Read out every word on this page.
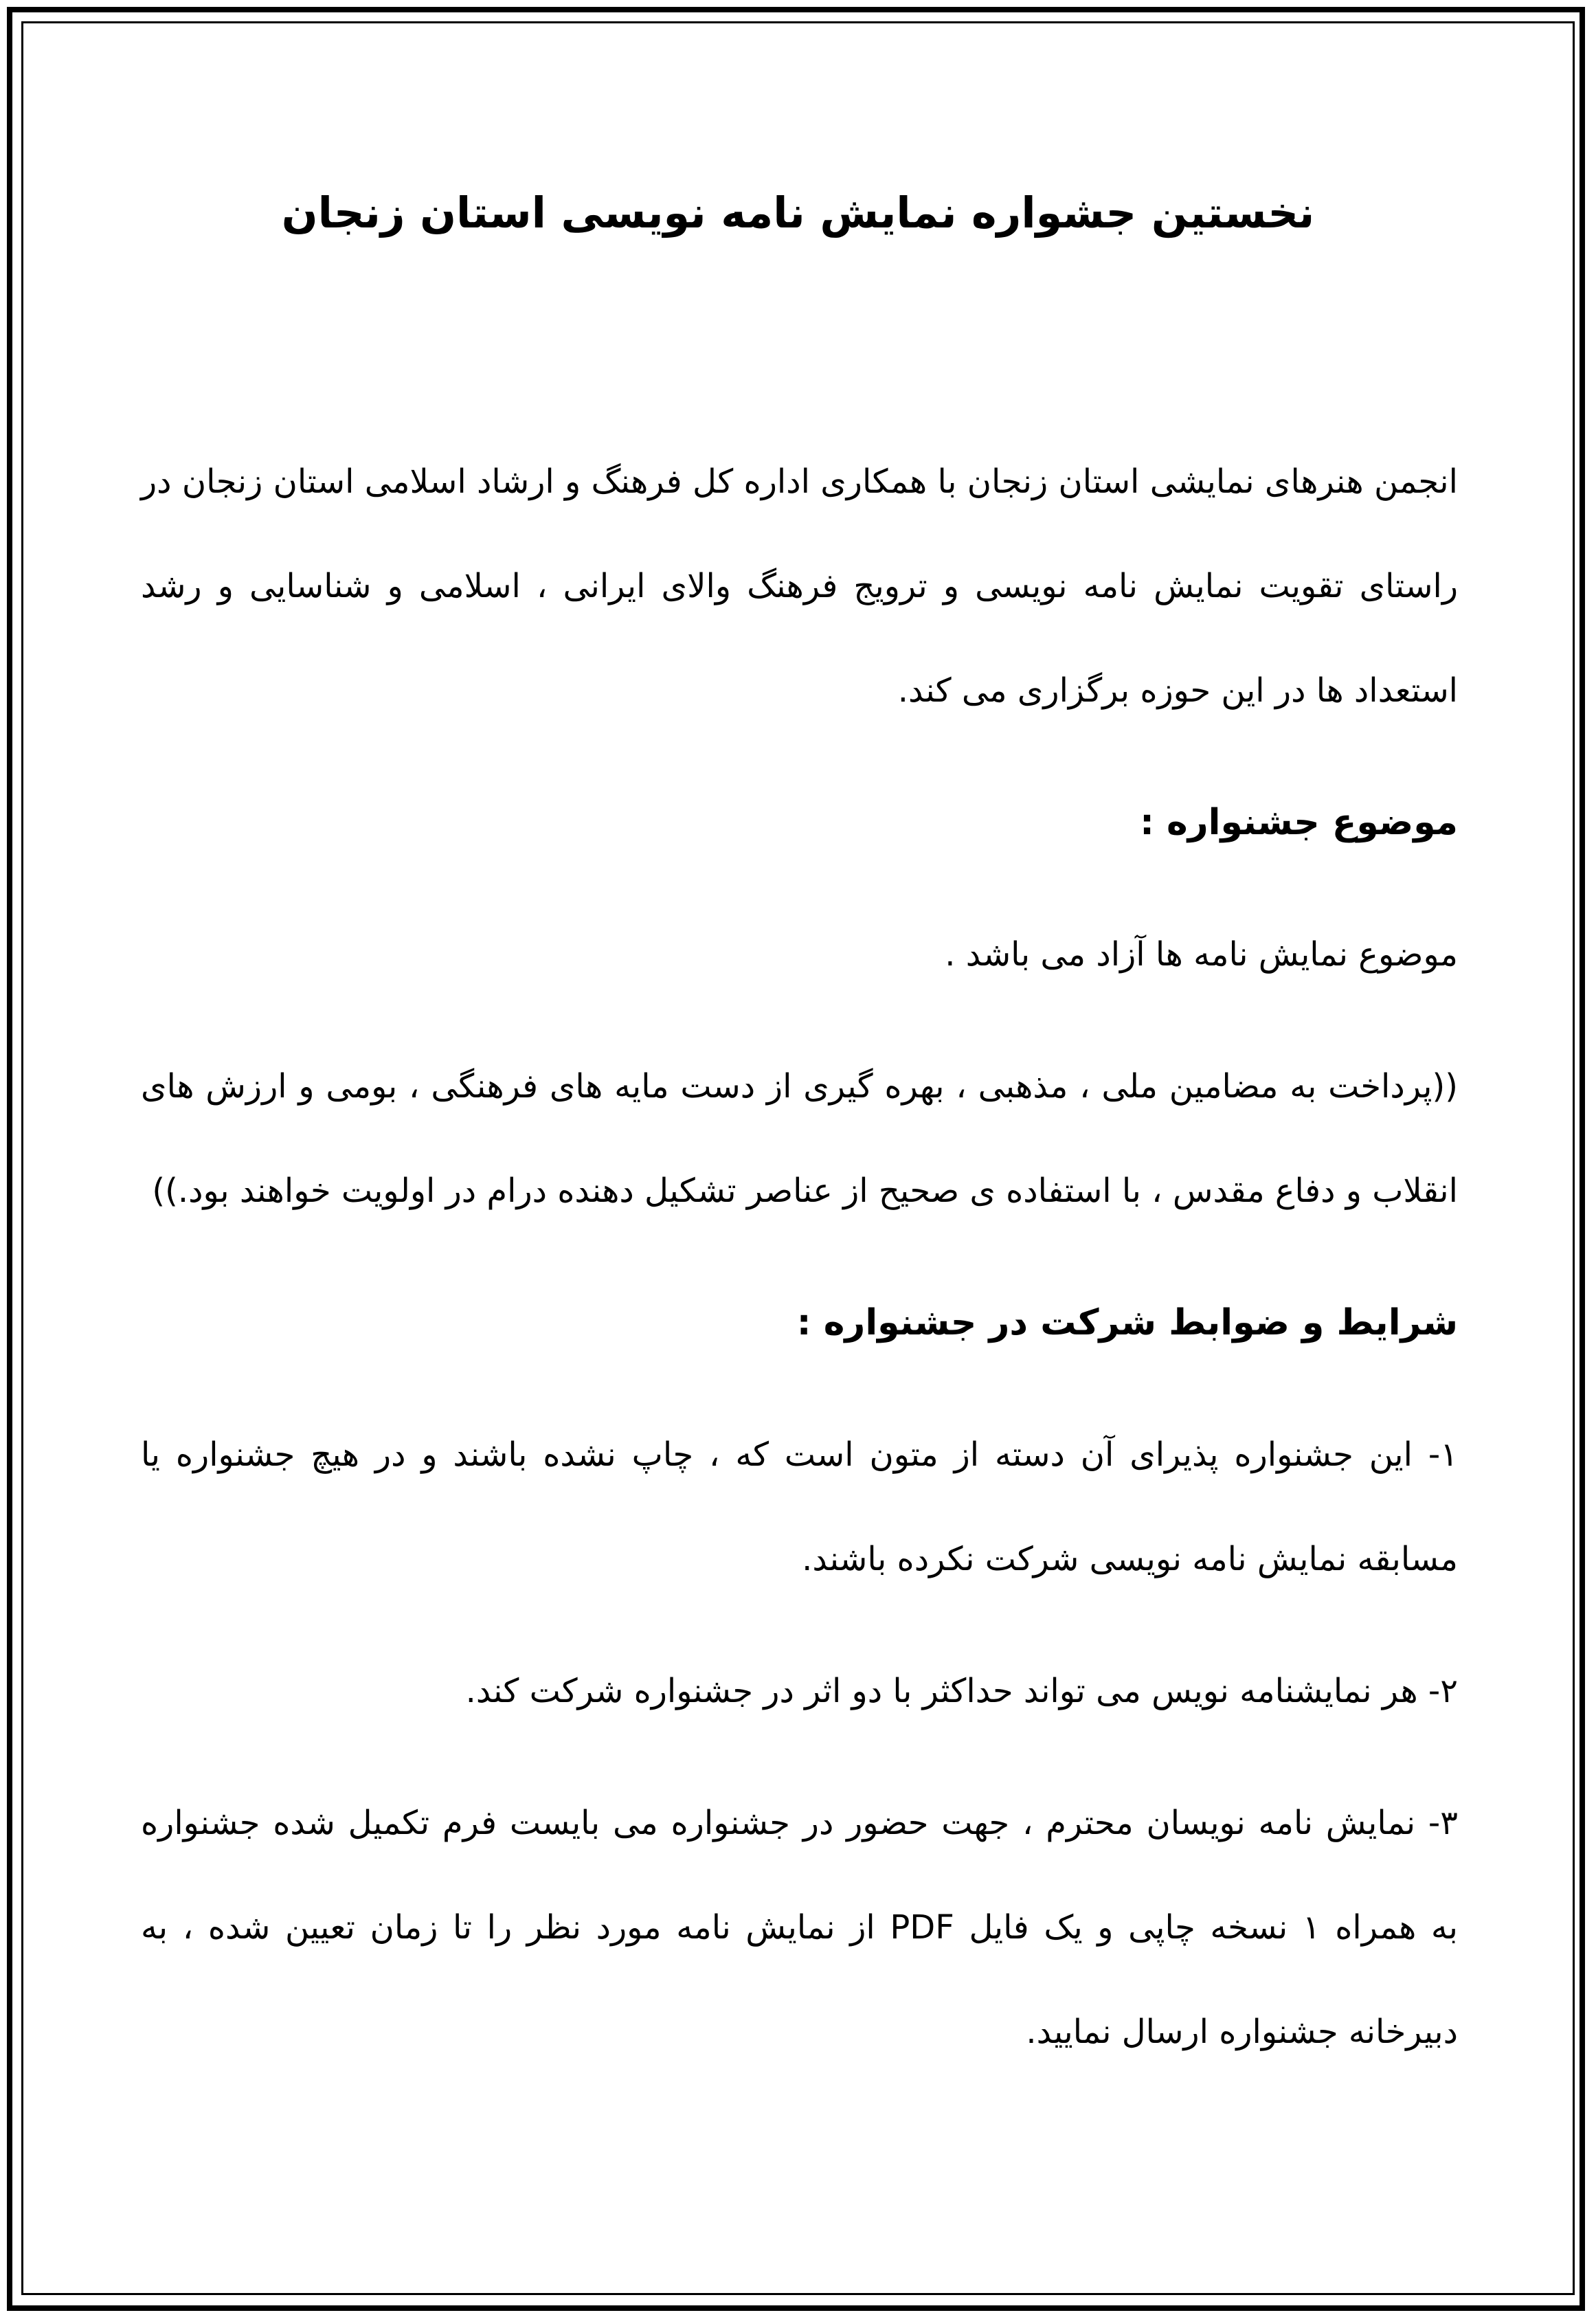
نخستین جشواره نمایش نامه نویسی استان زنجان

انجمن هنرهای نمایشی استان زنجان با همکاری اداره کل فرهنگ و ارشاد اسلامی استان زنجان در راستای تقویت نمایش نامه نویسی و ترویج فرهنگ والای ایرانی ، اسلامی و شناسایی و رشد استعداد ها در این حوزه برگزاری می کند.

موضوع جشنواره :

موضوع نمایش نامه ها آزاد می باشد .

((پرداخت به مضامین ملی ، مذهبی ، بهره گیری از دست مایه های فرهنگی ، بومی و ارزش های انقلاب و دفاع مقدس ، با استفاده ی صحیح از عناصر تشکیل دهنده درام در اولویت خواهند بود.))

شرایط و ضوابط شرکت در جشنواره :

۱- این جشنواره پذیرای آن دسته از متون است که ، چاپ نشده باشند و در هیچ جشنواره یا مسابقه نمایش نامه نویسی شرکت نکرده باشند.

۲- هر نمایشنامه نویس می تواند حداکثر با دو اثر در جشنواره شرکت کند.

۳- نمایش نامه نویسان محترم ، جهت حضور در جشنواره می بایست فرم تکمیل شده جشنواره به همراه ۱ نسخه چاپی و یک فایل PDF از نمایش نامه مورد نظر را تا زمان تعیین شده ، به دبیرخانه جشنواره ارسال نمایید.
